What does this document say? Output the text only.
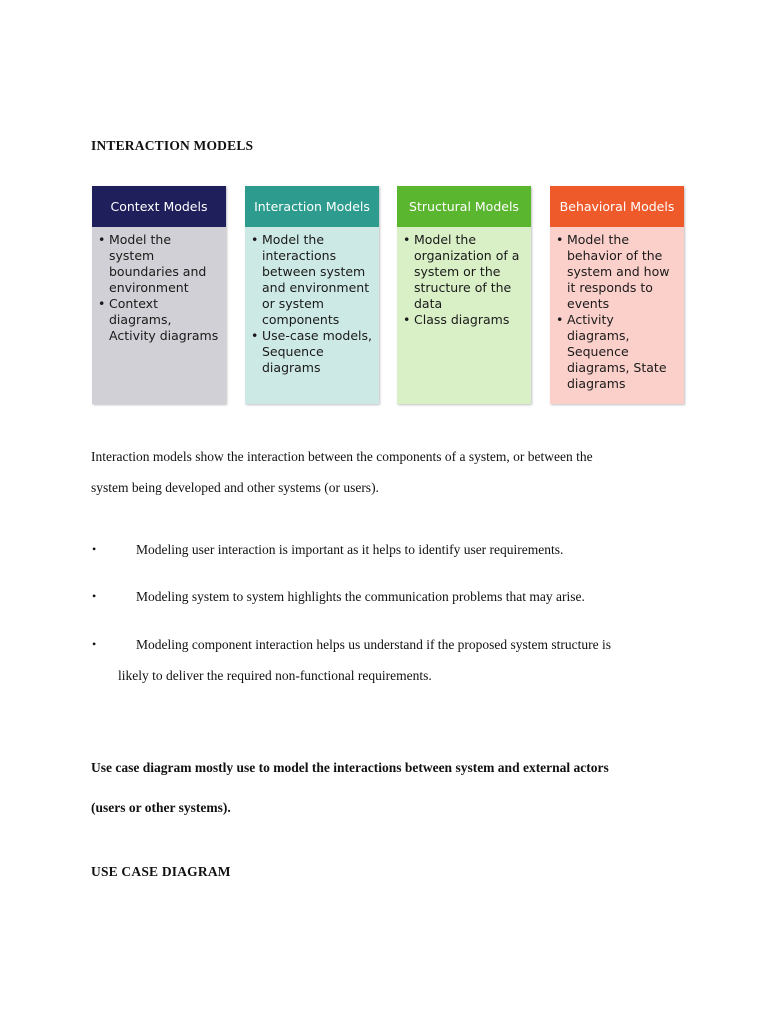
INTERACTION MODELS
Context Models
• Model the system boundaries and environment
• Context diagrams, Activity diagrams
Interaction Models
• Model the interactions between system and environment or system components
• Use-case models, Sequence diagrams
Structural Models
• Model the organization of a system or the structure of the data
• Class diagrams
Behavioral Models
• Model the behavior of the system and how it responds to events
• Activity diagrams, Sequence diagrams, State diagrams
Interaction models show the interaction between the components of a system, or between the
system being developed and other systems (or users).
•	Modeling user interaction is important as it helps to identify user requirements.
•	Modeling system to system highlights the communication problems that may arise.
•	Modeling component interaction helps us understand if the proposed system structure is
likely to deliver the required non-functional requirements.
Use case diagram mostly use to model the interactions between system and external actors
(users or other systems).
USE CASE DIAGRAM
